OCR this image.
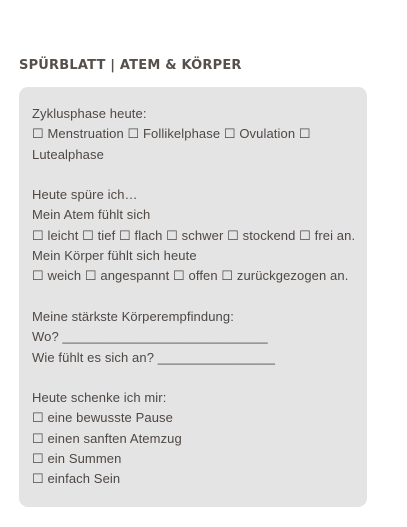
SPÜRBLATT | ATEM & KÖRPER
Zyklusphase heute:
☐ Menstruation ☐ Follikelphase ☐ Ovulation ☐
Lutealphase
Heute spüre ich…
Mein Atem fühlt sich
☐ leicht ☐ tief ☐ flach ☐ schwer ☐ stockend ☐ frei an.
Mein Körper fühlt sich heute
☐ weich ☐ angespannt ☐ offen ☐ zurückgezogen an.
Meine stärkste Körperempfindung:
Wo? ____________________________
Wie fühlt es sich an? ________________
Heute schenke ich mir:
☐ eine bewusste Pause
☐ einen sanften Atemzug
☐ ein Summen
☐ einfach Sein
